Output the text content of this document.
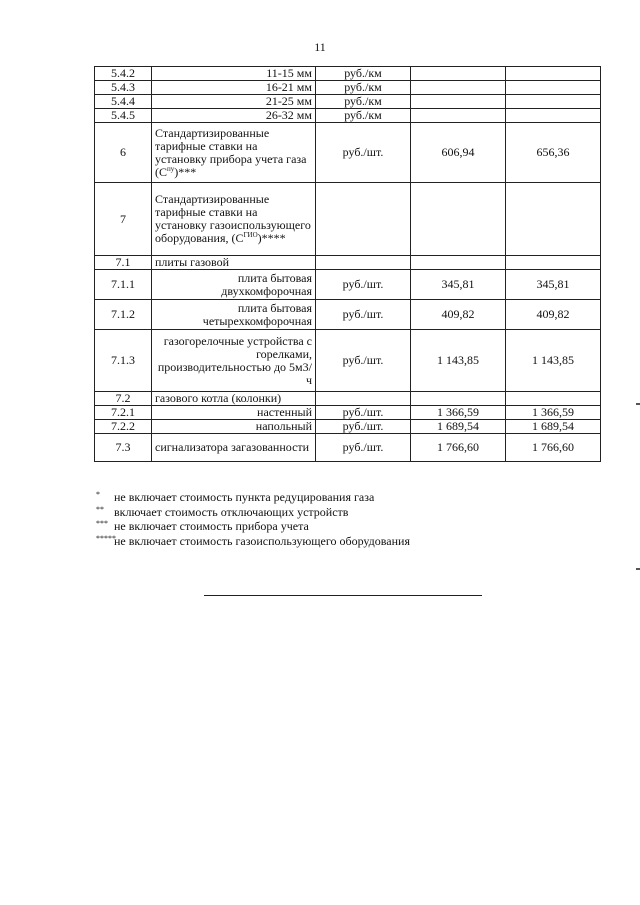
11
5.4.2	11-15 мм	руб./км		
5.4.3	16-21 мм	руб./км		
5.4.4	21-25 мм	руб./км		
5.4.5	26-32 мм	руб./км		
6	Стандартизированные тарифные ставки на установку прибора учета газа $(С^{пу})***$	руб./шт.	606,94	656,36
7	Стандартизированные тарифные ставки на установку газоиспользующего оборудования, $(С^{ГИО})****$			
7.1	плиты газовой			
7.1.1	плита бытовая двухкомфорочная	руб./шт.	345,81	345,81
7.1.2	плита бытовая четырехкомфорочная	руб./шт.	409,82	409,82
7.1.3	газогорелочные устройства с горелками, производительностью до 5м3/ч	руб./шт.	1 143,85	1 143,85
7.2	газового котла (колонки)			
7.2.1	настенный	руб./шт.	1 366,59	1 366,59
7.2.2	напольный	руб./шт.	1 689,54	1 689,54
7.3	сигнализатора загазованности	руб./шт.	1 766,60	1 766,60
* не включает стоимость пункта редуцирования газа
** включает стоимость отключающих устройств
*** не включает стоимость прибора учета
*****не включает стоимость газоиспользующего оборудования
